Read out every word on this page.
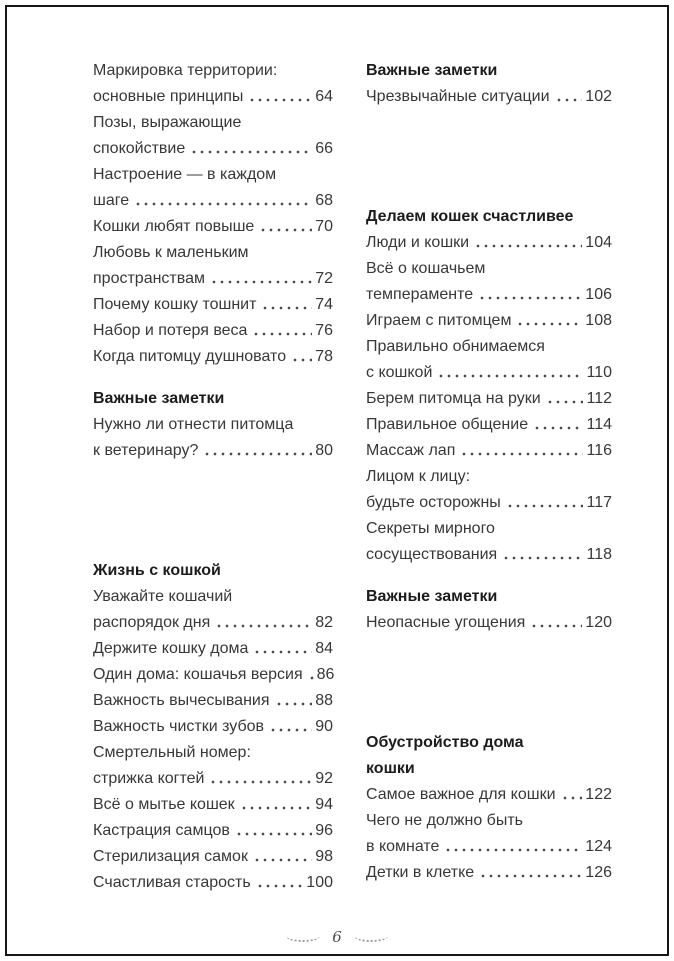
Маркировка территории:
основные принципы	64
Позы, выражающие
спокойствие	66
Настроение — в каждом
шаге	68
Кошки любят повыше	70
Любовь к маленьким
пространствам	72
Почему кошку тошнит	74
Набор и потеря веса	76
Когда питомцу душновато 78
Важные заметки
Нужно ли отнести питомца
к ветеринару?	80
Жизнь с кошкой
Уважайте кошачий
распорядок дня	82
Держите кошку дома	84
Один дома: кошачья версия 86
Важность вычесывания	88
Важность чистки зубов	90
Смертельный номер:
стрижка когтей	92
Всё о мытье кошек	94
Кастрация самцов	96
Стерилизация самок	98
Счастливая старость	100
Важные заметки
Чрезвычайные ситуации 102
Делаем кошек счастливее
Люди и кошки	104
Всё о кошачьем
темпераменте	106
Играем с питомцем	108
Правильно обнимаемся
с кошкой	110
Берем питомца на руки	112
Правильное общение	114
Массаж лап	116
Лицом к лицу:
будьте осторожны	117
Секреты мирного
сосуществования	118
Важные заметки
Неопасные угощения	120
Обустройство дома
кошки
Самое важное для кошки 122
Чего не должно быть
в комнате	124
Детки в клетке	126
6
